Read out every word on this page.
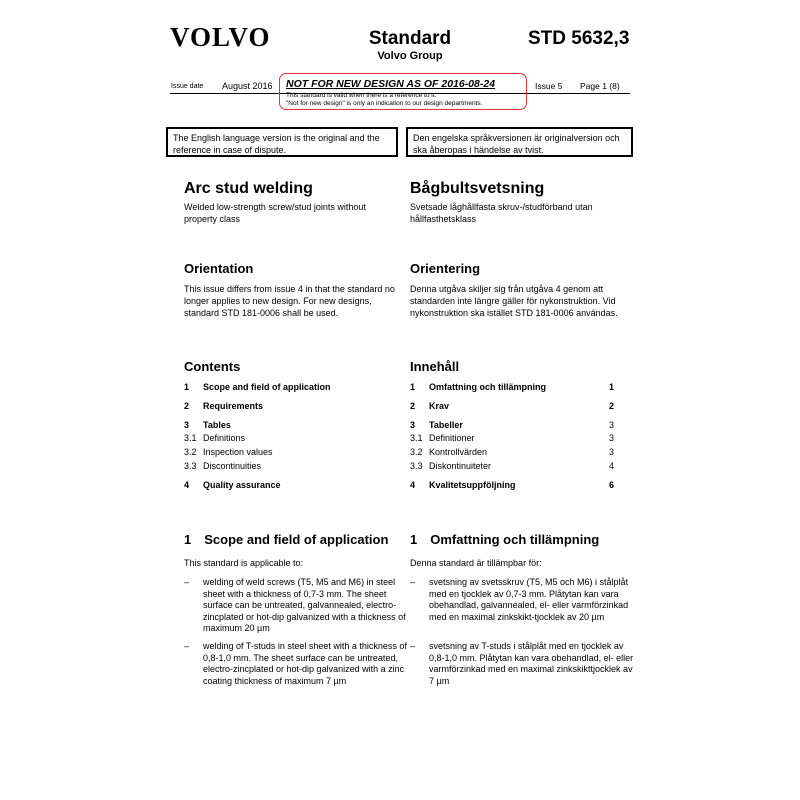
VOLVO	Standard
Volvo Group
STD 5632,3
Issue date August 2016	Issue 5 Page 1 (8)
NOT FOR NEW DESIGN AS OF 2016-08-24
This standard is valid when there is a reference to it.
"Not for new design" is only an indication to our design departments.
The English language version is the original and the reference in case of dispute.
Den engelska språkversionen är originalversion och ska åberopas i händelse av tvist.
Arc stud welding
Welded low-strength screw/stud joints without property class
Bågbultsvetsning
Svetsade låghållfasta skruv-/studförband utan hållfasthetsklass
Orientation
This issue differs from issue 4 in that the standard no longer applies to new design. For new designs, standard STD 181-0006 shall be used.
Orientering
Denna utgåva skiljer sig från utgåva 4 genom att standarden inte längre gäller för nykonstruktion. Vid nykonstruktion ska istället STD 181-0006 användas.
Contents	Innehåll
1 Scope and field of application
2 Requirements
3 Tables
3.1 Definitions
3.2 Inspection values
3.3 Discontinuities
4 Quality assurance
1 Omfattning och tillämpning	1
2 Krav	2
3 Tabeller	3
3.1 Definitioner	3
3.2 Kontrollvärden	3
3.3 Diskontinuiteter	4
4 Kvalitetsuppföljning	6
1 Scope and field of application 1 Omfattning och tillämpning
This standard is applicable to:	Denna standard är tillämpbar för:
– welding of weld screws (T5, M5 and M6) in steel sheet with a thickness of 0,7-3 mm. The sheet surface can be untreated, galvannealed, electro-zincplated or hot-dip galvanized with a thickness of maximum 20 µm
– welding of T-studs in steel sheet with a thickness of 0,8-1,0 mm. The sheet surface can be untreated, electro-zincplated or hot-dip galvanized with a zinc coating thickness of maximum 7 µm
– svetsning av svetsskruv (T5, M5 och M6) i stålplåt med en tjocklek av 0,7-3 mm. Plåtytan kan vara obehandlad, galvannealed, el- eller varmförzinkad med en maximal zinkskikt-tjocklek av 20 µm
– svetsning av T-studs i stålplåt med en tjocklek av 0,8-1,0 mm. Plåtytan kan vara obehandlad, el- eller varmförzinkad med en maximal zinkskikttjocklek av 7 µm
